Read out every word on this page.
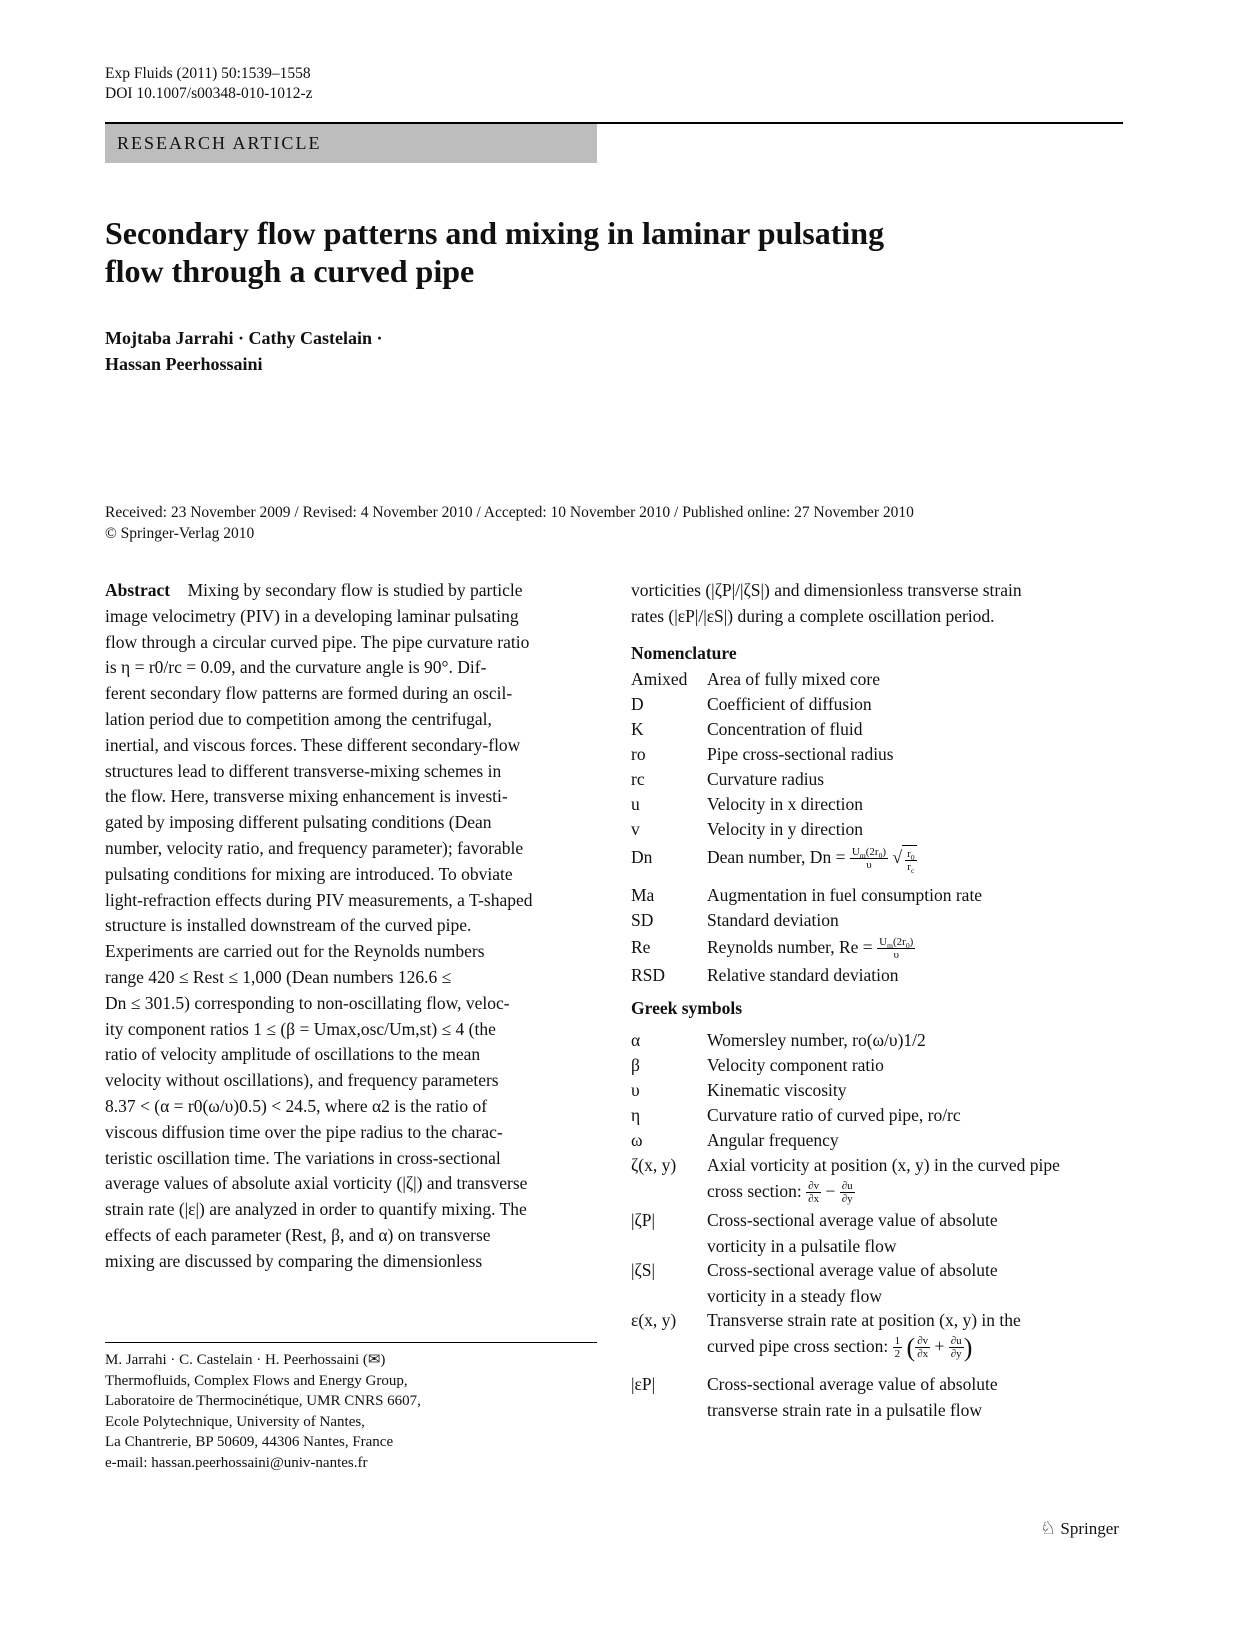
Exp Fluids (2011) 50:1539–1558
DOI 10.1007/s00348-010-1012-z
RESEARCH ARTICLE
Secondary flow patterns and mixing in laminar pulsating
flow through a curved pipe
Mojtaba Jarrahi · Cathy Castelain ·
Hassan Peerhossaini
Received: 23 November 2009 / Revised: 4 November 2010 / Accepted: 10 November 2010 / Published online: 27 November 2010
© Springer-Verlag 2010
Abstract Mixing by secondary flow is studied by particle
image velocimetry (PIV) in a developing laminar pulsating
flow through a circular curved pipe. The pipe curvature ratio
is η = r0/rc = 0.09, and the curvature angle is 90°. Dif-
ferent secondary flow patterns are formed during an oscil-
lation period due to competition among the centrifugal,
inertial, and viscous forces. These different secondary-flow
structures lead to different transverse-mixing schemes in
the flow. Here, transverse mixing enhancement is investi-
gated by imposing different pulsating conditions (Dean
number, velocity ratio, and frequency parameter); favorable
pulsating conditions for mixing are introduced. To obviate
light-refraction effects during PIV measurements, a T-shaped
structure is installed downstream of the curved pipe.
Experiments are carried out for the Reynolds numbers
range 420 ≤ Rest ≤ 1,000 (Dean numbers 126.6 ≤
Dn ≤ 301.5) corresponding to non-oscillating flow, veloc-
ity component ratios 1 ≤ (β = Umax,osc/Um,st) ≤ 4 (the
ratio of velocity amplitude of oscillations to the mean
velocity without oscillations), and frequency parameters
8.37 < (α = r0(ω/υ)0.5) < 24.5, where α2 is the ratio of
viscous diffusion time over the pipe radius to the charac-
teristic oscillation time. The variations in cross-sectional
average values of absolute axial vorticity (|ζ|) and transverse
strain rate (|ε|) are analyzed in order to quantify mixing. The
effects of each parameter (Rest, β, and α) on transverse
mixing are discussed by comparing the dimensionless
M. Jarrahi · C. Castelain · H. Peerhossaini (✉)
Thermofluids, Complex Flows and Energy Group,
Laboratoire de Thermocinétique, UMR CNRS 6607,
Ecole Polytechnique, University of Nantes,
La Chantrerie, BP 50609, 44306 Nantes, France
e-mail: hassan.peerhossaini@univ-nantes.fr
vorticities (|ζP|/|ζS|) and dimensionless transverse strain
rates (|εP|/|εS|) during a complete oscillation period.
Nomenclature
Amixed Area of fully mixed core
D	Coefficient of diffusion
K	Concentration of fluid
ro	Pipe cross-sectional radius
rc	Curvature radius
u	Velocity in x direction
v	Velocity in y direction
Dn	Dean number, $Dn = \frac{U_m(2r_0)}{\upsilon}$ √ $\frac{r_0}{r_c}$
Ma	Augmentation in fuel consumption rate
SD	Standard deviation
Re	Reynolds number, $Re = \frac{U_m(2r_0)}{\upsilon}$
RSD Relative standard deviation
Greek symbols
α	Womersley number, ro(ω/υ)1/2
β	Velocity component ratio
υ	Kinematic viscosity
η	Curvature ratio of curved pipe, ro/rc
ω	Angular frequency
ζ(x, y) Axial vorticity at position (x, y) in the curved pipe
cross section: $\frac{\partial v}{\partial x} - \frac{\partial u}{\partial y}$
|ζP|	Cross-sectional average value of absolute
vorticity in a pulsatile flow
|ζS|	Cross-sectional average value of absolute
vorticity in a steady flow
ε(x, y) Transverse strain rate at position (x, y) in the
curved pipe cross section: $\frac{1}{2}$ ( $\frac{\partial v}{\partial x} + \frac{\partial u}{\partial y}$ )
|εP|	Cross-sectional average value of absolute
transverse strain rate in a pulsatile flow
♘ Springer
